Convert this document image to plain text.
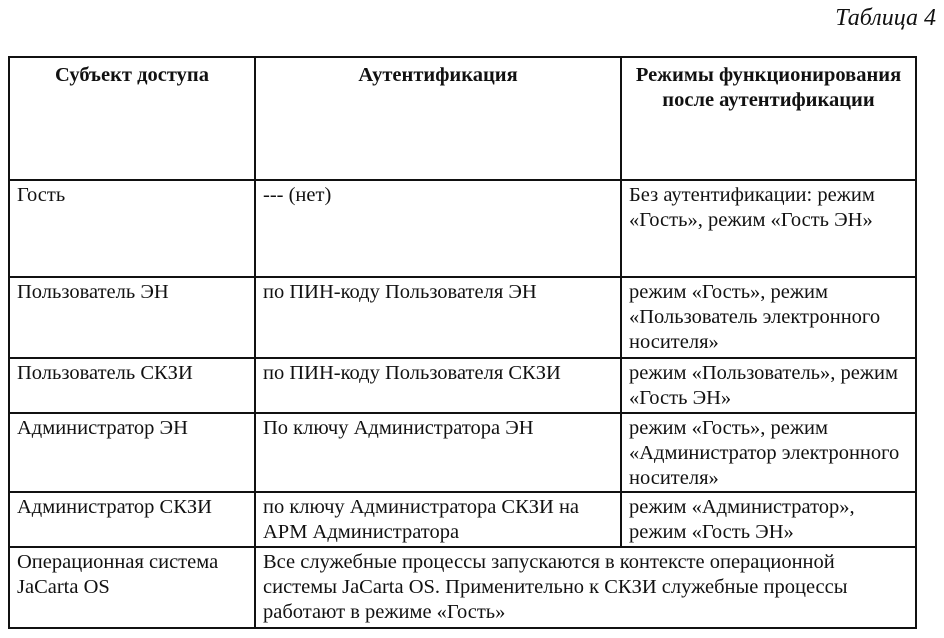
Таблица 4
Субъект доступа	Аутентификация	Режимы функционирования после аутентификации
Гость	--- (нет)	Без аутентификации: режим «Гость», режим «Гость ЭН»
Пользователь ЭН	по ПИН-коду Пользователя ЭН	режим «Гость», режим «Пользователь электронного носителя»
Пользователь СКЗИ	по ПИН-коду Пользователя СКЗИ	режим «Пользователь», режим «Гость ЭН»
Администратор ЭН	По ключу Администратора ЭН	режим «Гость», режим «Администратор электронного носителя»
Администратор СКЗИ	по ключу Администратора СКЗИ на АРМ Администратора	режим «Администратор», режим «Гость ЭН»
Операционная система JaCarta OS	Все служебные процессы запускаются в контексте операционной системы JaCarta OS. Применительно к СКЗИ служебные процессы работают в режиме «Гость»	
